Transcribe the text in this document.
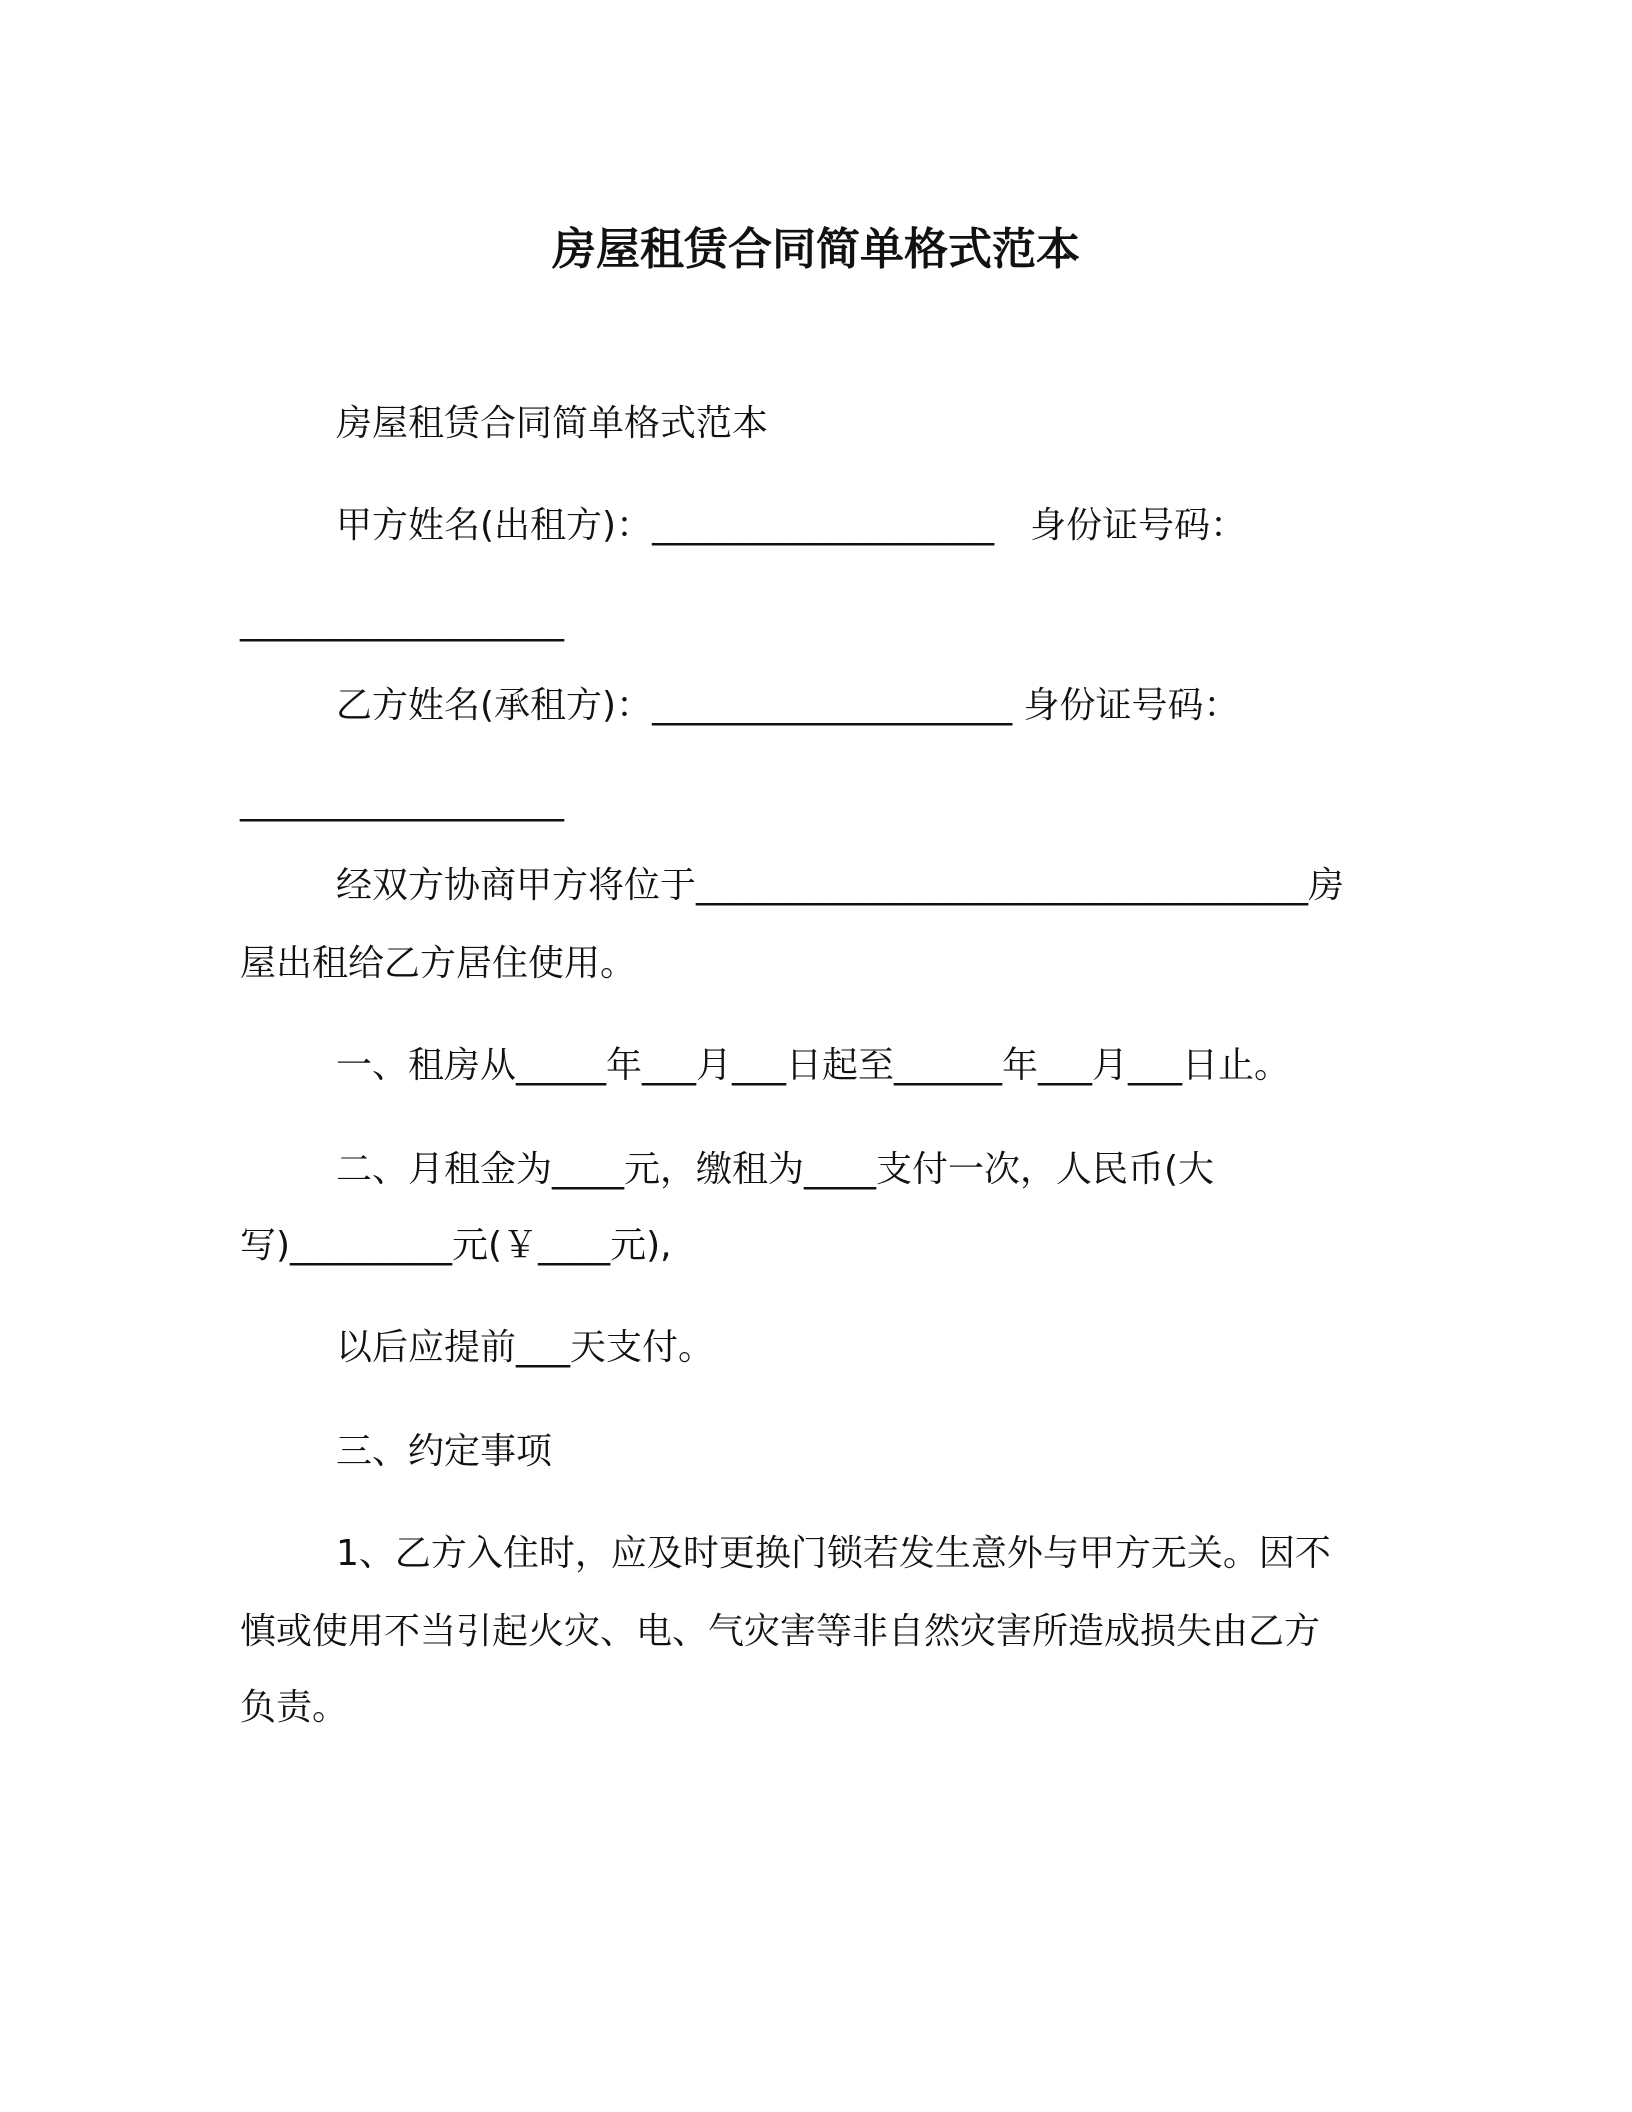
房屋租赁合同简单格式范本

房屋租赁合同简单格式范本

甲方姓名(出租方)：___________________　身份证号码：

__________________

乙方姓名(承租方)：____________________ 身份证号码：

__________________

经双方协商甲方将位于__________________________________房

屋出租给乙方居住使用。

一、租房从_____年___月___日起至______年___月___日止。

二、月租金为____元，缴租为____支付一次，人民币(大

写)_________元(￥____元),

以后应提前___天支付。

三、约定事项

1、乙方入住时，应及时更换门锁若发生意外与甲方无关。因不

慎或使用不当引起火灾、电、气灾害等非自然灾害所造成损失由乙方

负责。
